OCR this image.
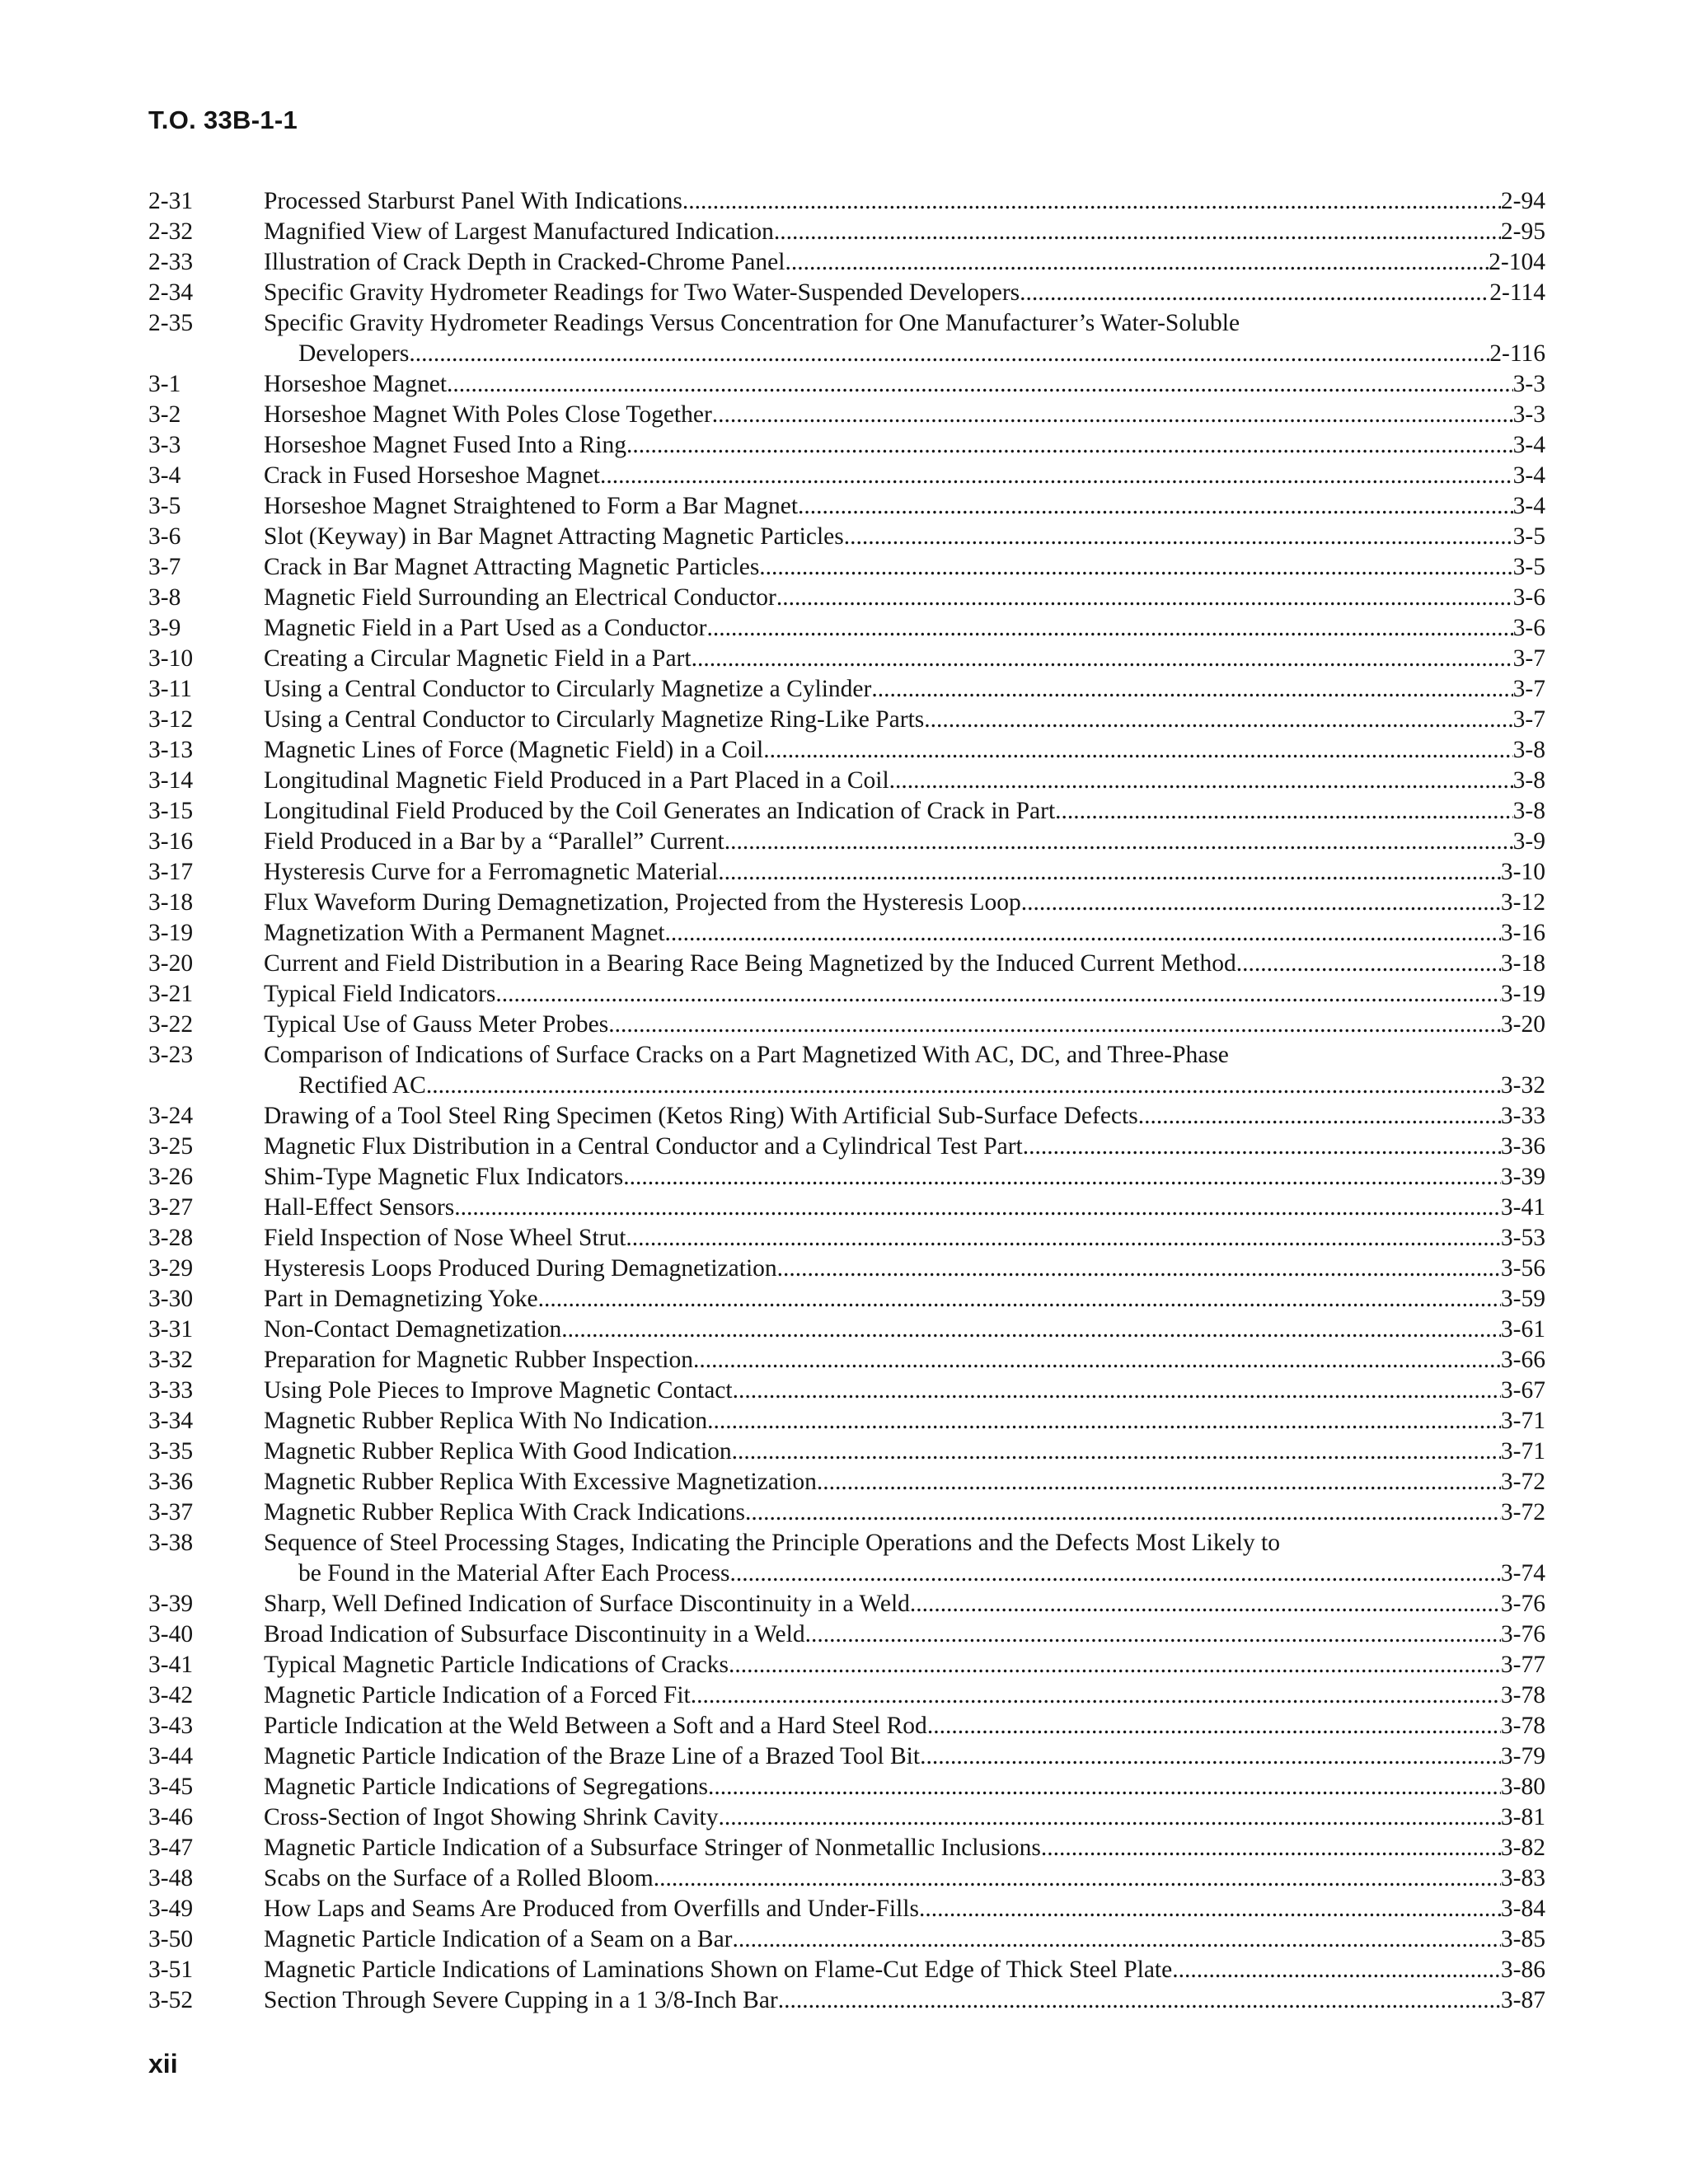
T.O. 33B-1-1
2-31	Processed Starburst Panel With Indications .....	2-94
2-32	Magnified View of Largest Manufactured Indication .....	2-95
2-33	Illustration of Crack Depth in Cracked-Chrome Panel .....	2-104
2-34	Specific Gravity Hydrometer Readings for Two Water-Suspended Developers .....	2-114
2-35	Specific Gravity Hydrometer Readings Versus Concentration for One Manufacturer’s Water-Soluble
Developers .....	2-116
3-1	Horseshoe Magnet .....	3-3
3-2	Horseshoe Magnet With Poles Close Together .....	3-3
3-3	Horseshoe Magnet Fused Into a Ring .....	3-4
3-4	Crack in Fused Horseshoe Magnet .....	3-4
3-5	Horseshoe Magnet Straightened to Form a Bar Magnet .....	3-4
3-6	Slot (Keyway) in Bar Magnet Attracting Magnetic Particles .....	3-5
3-7	Crack in Bar Magnet Attracting Magnetic Particles .....	3-5
3-8	Magnetic Field Surrounding an Electrical Conductor .....	3-6
3-9	Magnetic Field in a Part Used as a Conductor .....	3-6
3-10	Creating a Circular Magnetic Field in a Part .....	3-7
3-11	Using a Central Conductor to Circularly Magnetize a Cylinder .....	3-7
3-12	Using a Central Conductor to Circularly Magnetize Ring-Like Parts .....	3-7
3-13	Magnetic Lines of Force (Magnetic Field) in a Coil .....	3-8
3-14	Longitudinal Magnetic Field Produced in a Part Placed in a Coil .....	3-8
3-15	Longitudinal Field Produced by the Coil Generates an Indication of Crack in Part .....	3-8
3-16	Field Produced in a Bar by a “Parallel” Current .....	3-9
3-17	Hysteresis Curve for a Ferromagnetic Material .....	3-10
3-18	Flux Waveform During Demagnetization, Projected from the Hysteresis Loop .....	3-12
3-19	Magnetization With a Permanent Magnet .....	3-16
3-20	Current and Field Distribution in a Bearing Race Being Magnetized by the Induced Current Method .....	3-18
3-21	Typical Field Indicators .....	3-19
3-22	Typical Use of Gauss Meter Probes .....	3-20
3-23	Comparison of Indications of Surface Cracks on a Part Magnetized With AC, DC, and Three-Phase
Rectified AC .....	3-32
3-24	Drawing of a Tool Steel Ring Specimen (Ketos Ring) With Artificial Sub-Surface Defects .....	3-33
3-25	Magnetic Flux Distribution in a Central Conductor and a Cylindrical Test Part .....	3-36
3-26	Shim-Type Magnetic Flux Indicators .....	3-39
3-27	Hall-Effect Sensors .....	3-41
3-28	Field Inspection of Nose Wheel Strut .....	3-53
3-29	Hysteresis Loops Produced During Demagnetization .....	3-56
3-30	Part in Demagnetizing Yoke .....	3-59
3-31	Non-Contact Demagnetization .....	3-61
3-32	Preparation for Magnetic Rubber Inspection .....	3-66
3-33	Using Pole Pieces to Improve Magnetic Contact .....	3-67
3-34	Magnetic Rubber Replica With No Indication .....	3-71
3-35	Magnetic Rubber Replica With Good Indication .....	3-71
3-36	Magnetic Rubber Replica With Excessive Magnetization .....	3-72
3-37	Magnetic Rubber Replica With Crack Indications .....	3-72
3-38	Sequence of Steel Processing Stages, Indicating the Principle Operations and the Defects Most Likely to
be Found in the Material After Each Process .....	3-74
3-39	Sharp, Well Defined Indication of Surface Discontinuity in a Weld .....	3-76
3-40	Broad Indication of Subsurface Discontinuity in a Weld .....	3-76
3-41	Typical Magnetic Particle Indications of Cracks .....	3-77
3-42	Magnetic Particle Indication of a Forced Fit .....	3-78
3-43	Particle Indication at the Weld Between a Soft and a Hard Steel Rod .....	3-78
3-44	Magnetic Particle Indication of the Braze Line of a Brazed Tool Bit .....	3-79
3-45	Magnetic Particle Indications of Segregations .....	3-80
3-46	Cross-Section of Ingot Showing Shrink Cavity .....	3-81
3-47	Magnetic Particle Indication of a Subsurface Stringer of Nonmetallic Inclusions .....	3-82
3-48	Scabs on the Surface of a Rolled Bloom .....	3-83
3-49	How Laps and Seams Are Produced from Overfills and Under-Fills .....	3-84
3-50	Magnetic Particle Indication of a Seam on a Bar .....	3-85
3-51	Magnetic Particle Indications of Laminations Shown on Flame-Cut Edge of Thick Steel Plate .....	3-86
3-52	Section Through Severe Cupping in a 1 3/8-Inch Bar .....	3-87
xii
